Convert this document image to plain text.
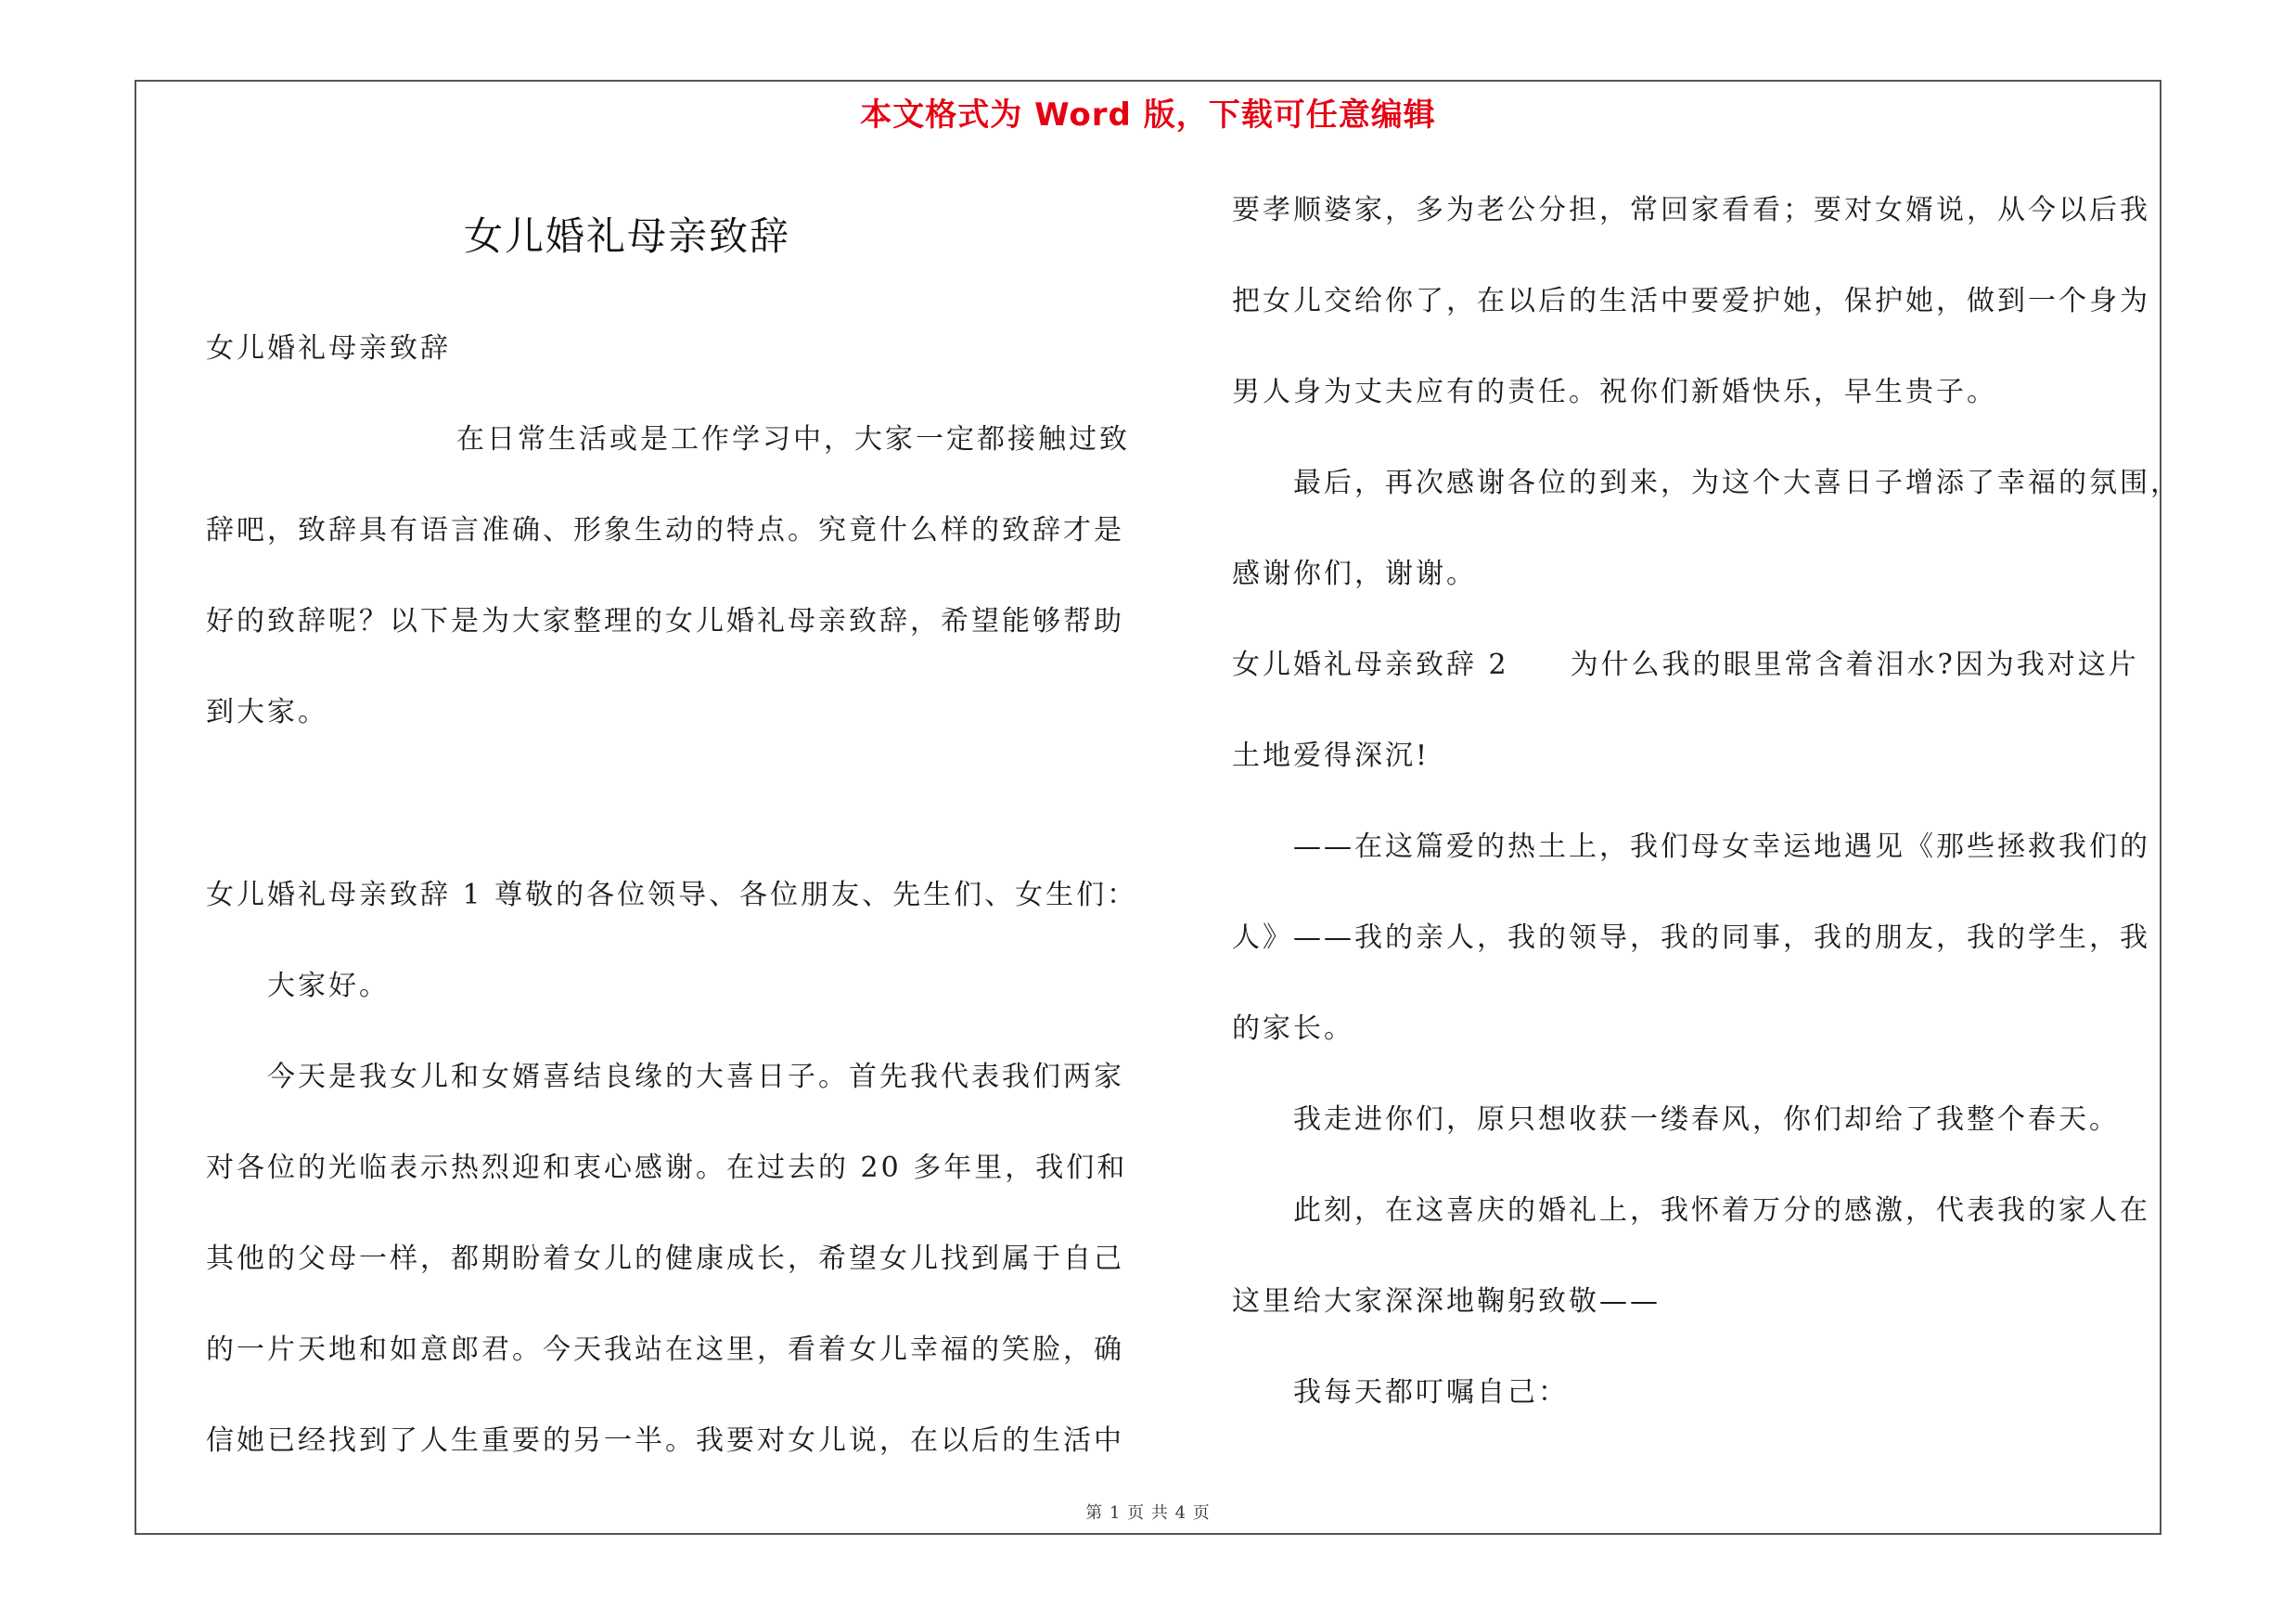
本文格式为 Word 版，下载可任意编辑
女儿婚礼母亲致辞
女儿婚礼母亲致辞
在日常生活或是工作学习中，大家一定都接触过致
辞吧，致辞具有语言准确、形象生动的特点。究竟什么样的致辞才是
好的致辞呢？以下是为大家整理的女儿婚礼母亲致辞，希望能够帮助
到大家。
女儿婚礼母亲致辞 1 尊敬的各位领导、各位朋友、先生们、女生们：
大家好。
今天是我女儿和女婿喜结良缘的大喜日子。首先我代表我们两家
对各位的光临表示热烈迎和衷心感谢。在过去的 20 多年里，我们和
其他的父母一样，都期盼着女儿的健康成长，希望女儿找到属于自己
的一片天地和如意郎君。今天我站在这里，看着女儿幸福的笑脸，确
信她已经找到了人生重要的另一半。我要对女儿说，在以后的生活中
要孝顺婆家，多为老公分担，常回家看看；要对女婿说，从今以后我
把女儿交给你了，在以后的生活中要爱护她，保护她，做到一个身为
男人身为丈夫应有的责任。祝你们新婚快乐，早生贵子。
最后，再次感谢各位的到来，为这个大喜日子增添了幸福的氛围，
感谢你们，谢谢。
女儿婚礼母亲致辞 2　　为什么我的眼里常含着泪水?因为我对这片
土地爱得深沉!
——在这篇爱的热土上，我们母女幸运地遇见《那些拯救我们的
人》——我的亲人，我的领导，我的同事，我的朋友，我的学生，我
的家长。
我走进你们，原只想收获一缕春风，你们却给了我整个春天。
此刻，在这喜庆的婚礼上，我怀着万分的感激，代表我的家人在
这里给大家深深地鞠躬致敬——
我每天都叮嘱自己：
第 1 页 共 4 页
